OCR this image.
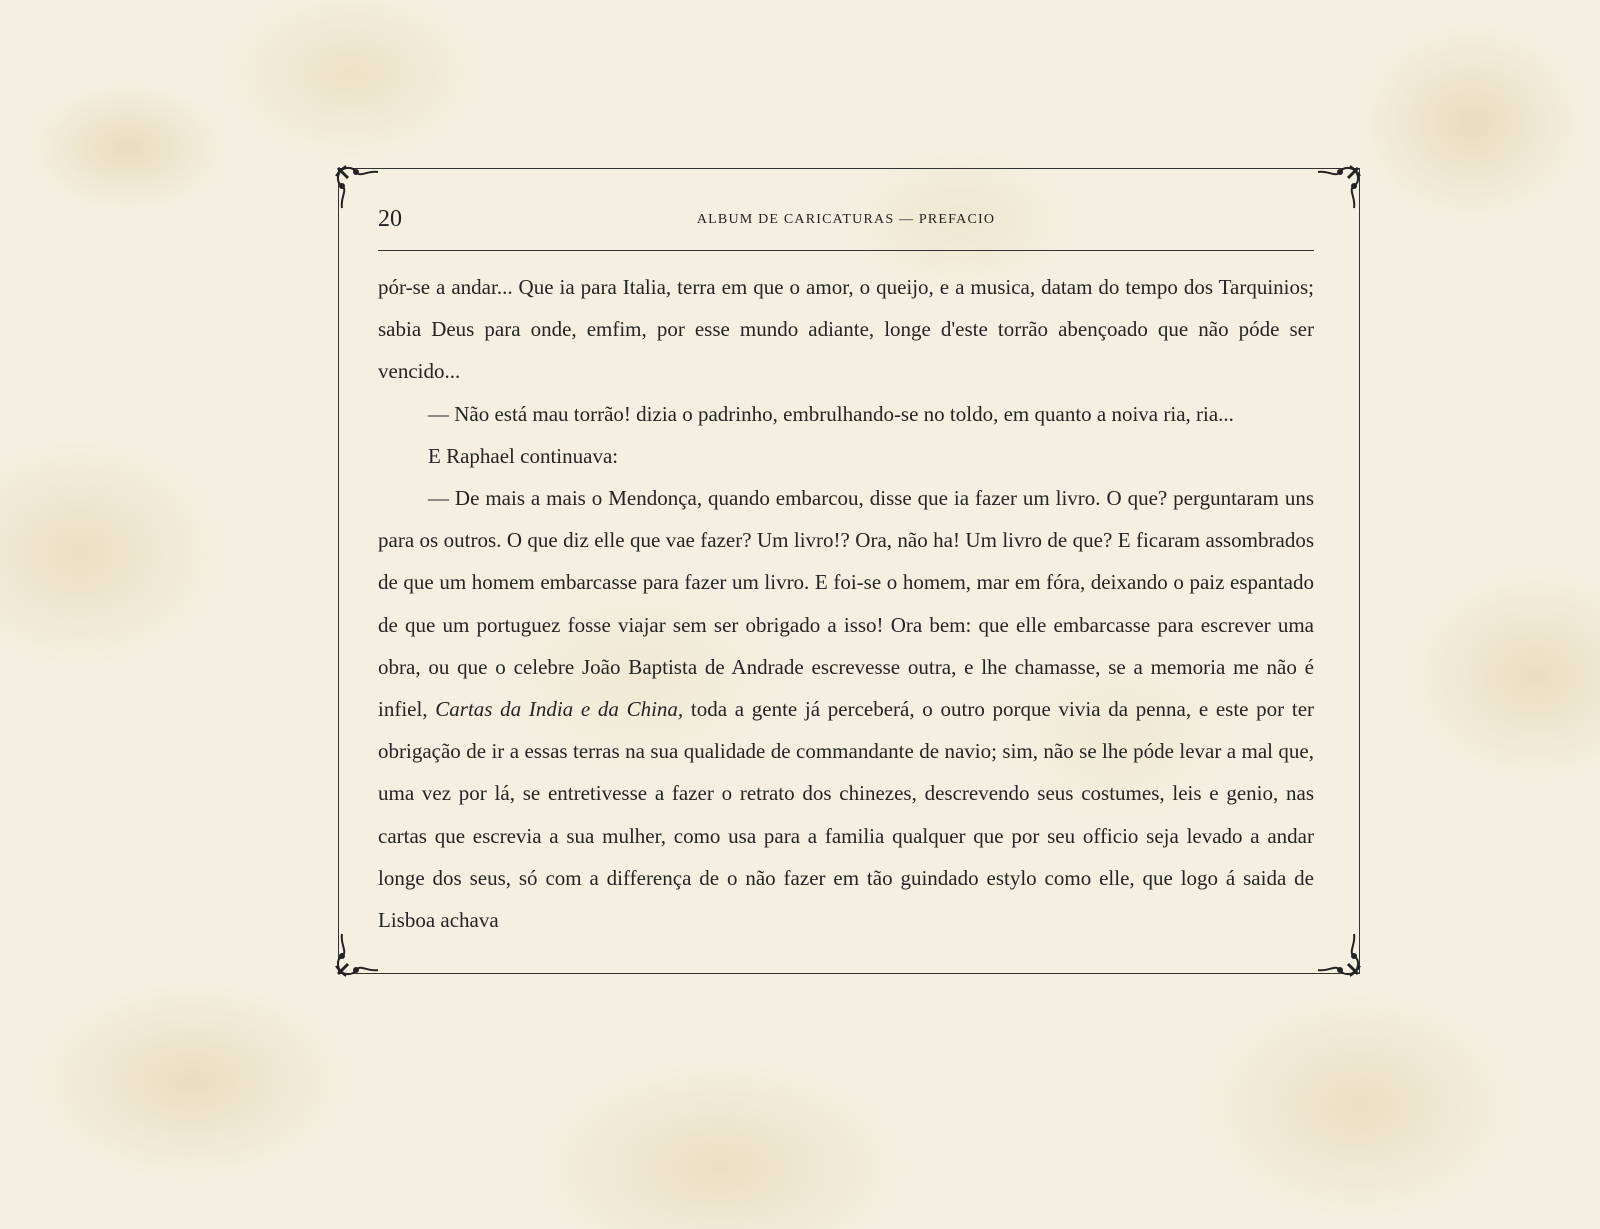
20	ALBUM DE CARICATURAS — PREFACIO

pór-se a andar... Que ia para Italia, terra em que o amor, o queijo, e a musica, datam do tempo dos Tarquinios; sabia Deus para onde, emfim, por esse mundo adiante, longe d'este torrão abençoado que não póde ser vencido...

— Não está mau torrão! dizia o padrinho, embrulhando-se no toldo, em quanto a noiva ria, ria...

E Raphael continuava:

— De mais a mais o Mendonça, quando embarcou, disse que ia fazer um livro. O que? perguntaram uns para os outros. O que diz elle que vae fazer? Um livro!? Ora, não ha! Um livro de que? E ficaram assombrados de que um homem embarcasse para fazer um livro. E foi-se o homem, mar em fóra, deixando o paiz espantado de que um portuguez fosse viajar sem ser obrigado a isso! Ora bem: que elle embarcasse para escrever uma obra, ou que o celebre João Baptista de Andrade escrevesse outra, e lhe chamasse, se a memoria me não é infiel, Cartas da India e da China, toda a gente já perceberá, o outro porque vivia da penna, e este por ter obrigação de ir a essas terras na sua qualidade de commandante de navio; sim, não se lhe póde levar a mal que, uma vez por lá, se entretivesse a fazer o retrato dos chinezes, descrevendo seus costumes, leis e genio, nas cartas que escrevia a sua mulher, como usa para a familia qualquer que por seu officio seja levado a andar longe dos seus, só com a differença de o não fazer em tão guindado estylo como elle, que logo á saida de Lisboa achava
